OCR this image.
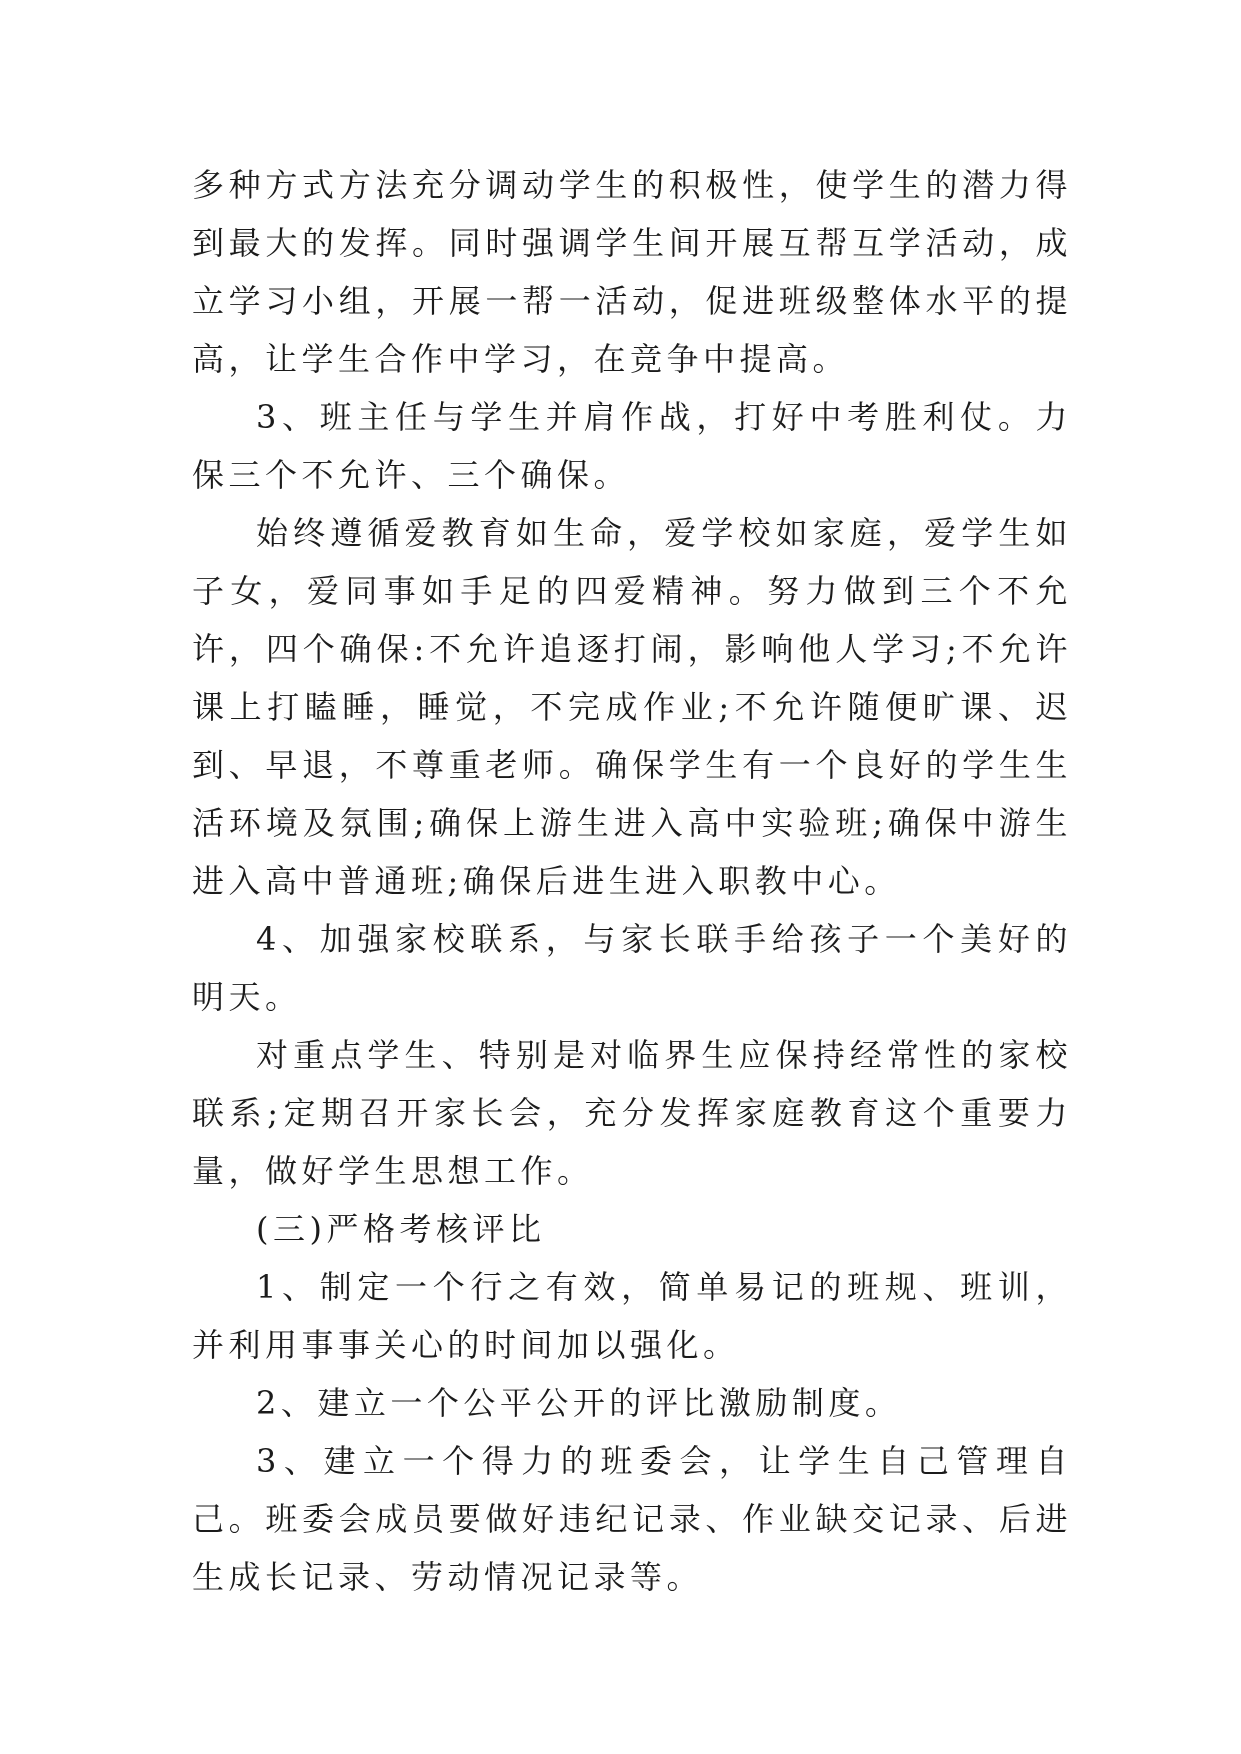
多种方式方法充分调动学生的积极性，使学生的潜力得到最大的发挥。同时强调学生间开展互帮互学活动，成立学习小组，开展一帮一活动，促进班级整体水平的提高，让学生合作中学习，在竞争中提高。

3、班主任与学生并肩作战，打好中考胜利仗。力保三个不允许、三个确保。

始终遵循爱教育如生命，爱学校如家庭，爱学生如子女，爱同事如手足的四爱精神。努力做到三个不允许，四个确保:不允许追逐打闹，影响他人学习;不允许课上打瞌睡，睡觉，不完成作业;不允许随便旷课、迟到、早退，不尊重老师。确保学生有一个良好的学生生活环境及氛围;确保上游生进入高中实验班;确保中游生进入高中普通班;确保后进生进入职教中心。

4、加强家校联系，与家长联手给孩子一个美好的明天。

对重点学生、特别是对临界生应保持经常性的家校联系;定期召开家长会，充分发挥家庭教育这个重要力量，做好学生思想工作。

(三)严格考核评比

1、制定一个行之有效，简单易记的班规、班训，并利用事事关心的时间加以强化。

2、建立一个公平公开的评比激励制度。

3、建立一个得力的班委会，让学生自己管理自己。班委会成员要做好违纪记录、作业缺交记录、后进生成长记录、劳动情况记录等。
